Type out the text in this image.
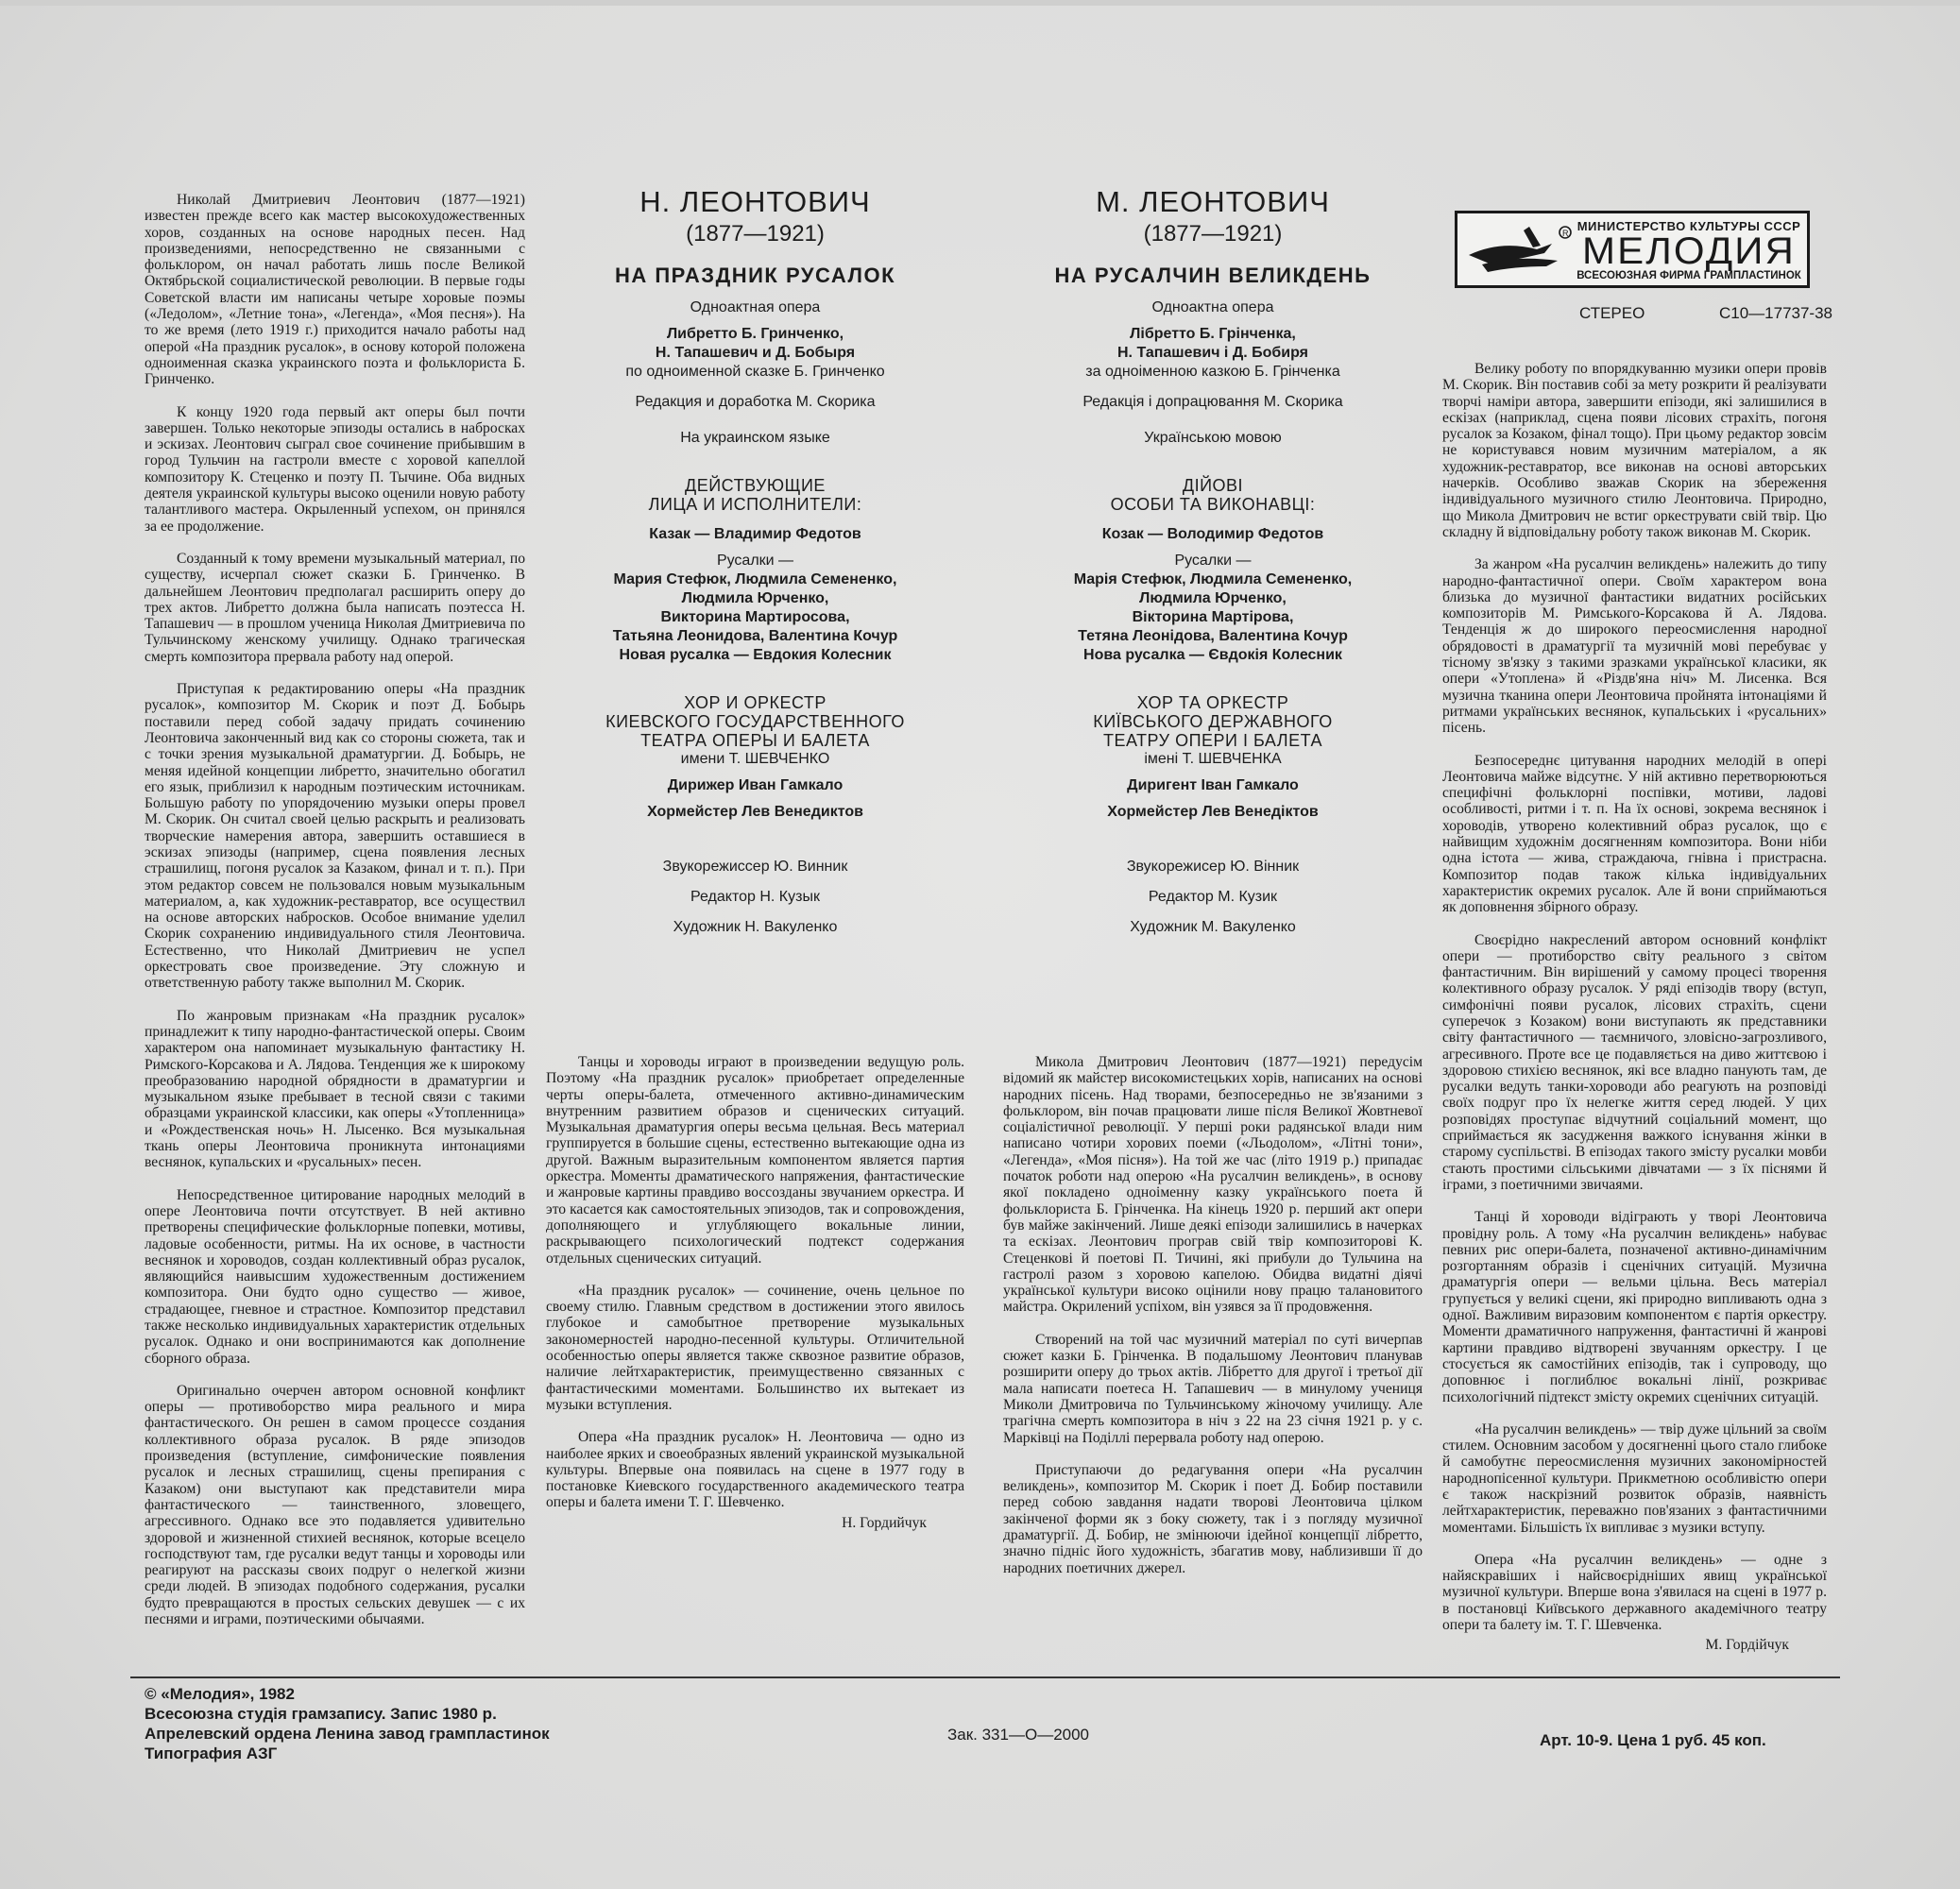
Николай Дмитриевич Леонтович (1877—1921) известен прежде всего как мастер высокохудожественных хоров, созданных на основе народных песен. Над произведениями, непосредственно не связанными с фольклором, он начал работать лишь после Великой Октябрьской социалистической революции. В первые годы Советской власти им написаны четыре хоровые поэмы («Ледолом», «Летние тона», «Легенда», «Моя песня»). На то же время (лето 1919 г.) приходится начало работы над оперой «На праздник русалок», в основу которой положена одноименная сказка украинского поэта и фольклориста Б. Гринченко.

К концу 1920 года первый акт оперы был почти завершен. Только некоторые эпизоды остались в набросках и эскизах. Леонтович сыграл свое сочинение прибывшим в город Тульчин на гастроли вместе с хоровой капеллой композитору К. Стеценко и поэту П. Тычине. Оба видных деятеля украинской культуры высоко оценили новую работу талантливого мастера. Окрыленный успехом, он принялся за ее продолжение.

Созданный к тому времени музыкальный материал, по существу, исчерпал сюжет сказки Б. Гринченко. В дальнейшем Леонтович предполагал расширить оперу до трех актов. Либретто должна была написать поэтесса Н. Тапашевич — в прошлом ученица Николая Дмитриевича по Тульчинскому женскому училищу. Однако трагическая смерть композитора прервала работу над оперой.

Приступая к редактированию оперы «На праздник русалок», композитор М. Скорик и поэт Д. Бобырь поставили перед собой задачу придать сочинению Леонтовича законченный вид как со стороны сюжета, так и с точки зрения музыкальной драматургии. Д. Бобырь, не меняя идейной концепции либретто, значительно обогатил его язык, приблизил к народным поэтическим источникам. Большую работу по упорядочению музыки оперы провел М. Скорик. Он считал своей целью раскрыть и реализовать творческие намерения автора, завершить оставшиеся в эскизах эпизоды (например, сцена появления лесных страшилищ, погоня русалок за Казаком, финал и т. п.). При этом редактор совсем не пользовался новым музыкальным материалом, а, как художник-реставратор, все осуществил на основе авторских набросков. Особое внимание уделил Скорик сохранению индивидуального стиля Леонтовича. Естественно, что Николай Дмитриевич не успел оркестровать свое произведение. Эту сложную и ответственную работу также выполнил М. Скорик.

По жанровым признакам «На праздник русалок» принадлежит к типу народно-фантастической оперы. Своим характером она напоминает музыкальную фантастику Н. Римского-Корсакова и А. Лядова. Тенденция же к широкому преобразованию народной обрядности в драматургии и музыкальном языке пребывает в тесной связи с такими образцами украинской классики, как оперы «Утопленница» и «Рождественская ночь» Н. Лысенко. Вся музыкальная ткань оперы Леонтовича проникнута интонациями веснянок, купальских и «русальных» песен.

Непосредственное цитирование народных мелодий в опере Леонтовича почти отсутствует. В ней активно претворены специфические фольклорные попевки, мотивы, ладовые особенности, ритмы. На их основе, в частности веснянок и хороводов, создан коллективный образ русалок, являющийся наивысшим художественным достижением композитора. Они будто одно существо — живое, страдающее, гневное и страстное. Композитор представил также несколько индивидуальных характеристик отдельных русалок. Однако и они воспринимаются как дополнение сборного образа.

Оригинально очерчен автором основной конфликт оперы — противоборство мира реального и мира фантастического. Он решен в самом процессе создания коллективного образа русалок. В ряде эпизодов произведения (вступление, симфонические появления русалок и лесных страшилищ, сцены препирания с Казаком) они выступают как представители мира фантастического — таинственного, зловещего, агрессивного. Однако все это подавляется удивительно здоровой и жизненной стихией веснянок, которые всецело господствуют там, где русалки ведут танцы и хороводы или реагируют на рассказы своих подруг о нелегкой жизни среди людей. В эпизодах подобного содержания, русалки будто превращаются в простых сельских девушек — с их песнями и играми, поэтическими обычаями.

Н. ЛЕОНТОВИЧ
(1877—1921)
НА ПРАЗДНИК РУСАЛОК
Одноактная опера
Либретто Б. Гринченко,
Н. Тапашевич и Д. Бобыря
по одноименной сказке Б. Гринченко
Редакция и доработка М. Скорика
На украинском языке
ДЕЙСТВУЮЩИЕ
ЛИЦА И ИСПОЛНИТЕЛИ:
Казак — Владимир Федотов
Русалки —
Мария Стефюк, Людмила Семененко,
Людмила Юрченко,
Викторина Мартиросова,
Татьяна Леонидова, Валентина Кочур
Новая русалка — Евдокия Колесник
ХОР И ОРКЕСТР
КИЕВСКОГО ГОСУДАРСТВЕННОГО
ТЕАТРА ОПЕРЫ И БАЛЕТА
имени Т. ШЕВЧЕНКО
Дирижер Иван Гамкало
Хормейстер Лев Венедиктов
Звукорежиссер Ю. Винник
Редактор Н. Кузык
Художник Н. Вакуленко
М. ЛЕОНТОВИЧ
(1877—1921)
НА РУСАЛЧИН ВЕЛИКДЕНЬ
Одноактна опера
Лібретто Б. Грінченка,
Н. Тапашевич і Д. Бобиря
за одноіменною казкою Б. Грінченка
Редакція і допрацювання М. Скорика
Українською мовою
ДІЙОВІ
ОСОБИ ТА ВИКОНАВЦІ:
Козак — Володимир Федотов
Русалки —
Марія Стефюк, Людмила Семененко,
Людмила Юрченко,
Вікторина Мартірова,
Тетяна Леонідова, Валентина Кочур
Нова русалка — Євдокія Колесник
ХОР ТА ОРКЕСТР
КИЇВСЬКОГО ДЕРЖАВНОГО
ТЕАТРУ ОПЕРИ І БАЛЕТА
імені Т. ШЕВЧЕНКА
Диригент Іван Гамкало
Хормейстер Лев Венедіктов
Звукорежисер Ю. Вінник
Редактор М. Кузик
Художник М. Вакуленко
R МИНИСТЕРСТВО КУЛЬТУРЫ СССР
МЕЛОДИЯ
ВСЕСОЮЗНАЯ ФИРМА ГРАМПЛАСТИНОК
СТЕРЕО	С10—17737-38

Велику роботу по впорядкуванню музики опери провів М. Скорик. Він поставив собі за мету розкрити й реалізувати творчі наміри автора, завершити епізоди, які залишилися в ескізах (наприклад, сцена появи лісових страхіть, погоня русалок за Козаком, фінал тощо). При цьому редактор зовсім не користувався новим музичним матеріалом, а як художник-реставратор, все виконав на основі авторських начерків. Особливо зважав Скорик на збереження індивідуального музичного стилю Леонтовича. Природно, що Микола Дмитрович не встиг оркеструвати свій твір. Цю складну й відповідальну роботу також виконав М. Скорик.

За жанром «На русалчин великдень» належить до типу народно-фантастичної опери. Своїм характером вона близька до музичної фантастики видатних російських композиторів М. Римського-Корсакова й А. Лядова. Тенденція ж до широкого переосмислення народної обрядовості в драматургії та музичній мові перебуває у тісному зв'язку з такими зразками української класики, як опери «Утоплена» й «Різдв'яна ніч» М. Лисенка. Вся музична тканина опери Леонтовича пройнята інтонаціями й ритмами українських веснянок, купальських і «русальних» пісень.

Безпосереднє цитування народних мелодій в опері Леонтовича майже відсутнє. У ній активно перетворюються специфічні фольклорні поспівки, мотиви, ладові особливості, ритми і т. п. На їх основі, зокрема веснянок і хороводів, утворено колективний образ русалок, що є найвищим художнім досягненням композитора. Вони ніби одна істота — жива, страждаюча, гнівна і пристрасна. Композитор подав також кілька індивідуальних характеристик окремих русалок. Але й вони сприймаються як доповнення збірного образу.

Своєрідно накреслений автором основний конфлікт опери — протиборство світу реального з світом фантастичним. Він вирішений у самому процесі творення колективного образу русалок. У ряді епізодів твору (вступ, симфонічні появи русалок, лісових страхіть, сцени суперечок з Козаком) вони виступають як представники світу фантастичного — таємничого, зловісно-загрозливого, агресивного. Проте все це подавляється на диво життєвою і здоровою стихією веснянок, які все владно панують там, де русалки ведуть танки-хороводи або реагують на розповіді своїх подруг про їх нелегке життя серед людей. У цих розповідях проступає відчутний соціальний момент, що сприймається як засудження важкого існування жінки в старому суспільстві. В епізодах такого змісту русалки мовби стають простими сільськими дівчатами — з їх піснями й іграми, з поетичними звичаями.

Танці й хороводи відіграють у творі Леонтовича провідну роль. А тому «На русалчин великдень» набуває певних рис опери-балета, позначеної активно-динамічним розгортанням образів і сценічних ситуацій. Музична драматургія опери — вельми цільна. Весь матеріал групується у великі сцени, які природно випливають одна з одної. Важливим виразовим компонентом є партія оркестру. Моменти драматичного напруження, фантастичні й жанрові картини правдиво відтворені звучанням оркестру. І це стосується як самостійних епізодів, так і супроводу, що доповнює і поглиблює вокальні лінії, розкриває психологічний підтекст змісту окремих сценічних ситуацій.

«На русалчин великдень» — твір дуже цільний за своїм стилем. Основним засобом у досягненні цього стало глибоке й самобутнє переосмислення музичних закономірностей народнопісенної культури. Прикметною особливістю опери є також наскрізний розвиток образів, наявність лейтхарактеристик, переважно пов'язаних з фантастичними моментами. Більшість їх випливає з музики вступу.

Опера «На русалчин великдень» — одне з найяскравіших і найсвоєрідніших явищ української музичної культури. Вперше вона з'явилася на сцені в 1977 р. в постановці Київського державного академічного театру опери та балету ім. Т. Г. Шевченка.

М. Гордійчук

Танцы и хороводы играют в произведении ведущую роль. Поэтому «На праздник русалок» приобретает определенные черты оперы-балета, отмеченного активно-динамическим внутренним развитием образов и сценических ситуаций. Музыкальная драматургия оперы весьма цельная. Весь материал группируется в большие сцены, естественно вытекающие одна из другой. Важным выразительным компонентом является партия оркестра. Моменты драматического напряжения, фантастические и жанровые картины правдиво воссозданы звучанием оркестра. И это касается как самостоятельных эпизодов, так и сопровождения, дополняющего и углубляющего вокальные линии, раскрывающего психологический подтекст содержания отдельных сценических ситуаций.

«На праздник русалок» — сочинение, очень цельное по своему стилю. Главным средством в достижении этого явилось глубокое и самобытное претворение музыкальных закономерностей народно-песенной культуры. Отличительной особенностью оперы является также сквозное развитие образов, наличие лейтхарактеристик, преимущественно связанных с фантастическими моментами. Большинство их вытекает из музыки вступления.

Опера «На праздник русалок» Н. Леонтовича — одно из наиболее ярких и своеобразных явлений украинской музыкальной культуры. Впервые она появилась на сцене в 1977 году в постановке Киевского государственного академического театра оперы и балета имени Т. Г. Шевченко.

Н. Гордийчук

Микола Дмитрович Леонтович (1877—1921) передусім відомий як майстер високомистецьких хорів, написаних на основі народних пісень. Над творами, безпосередньо не зв'язаними з фольклором, він почав працювати лише після Великої Жовтневої соціалістичної революції. У перші роки радянської влади ним написано чотири хорових поеми («Льодолом», «Літні тони», «Легенда», «Моя пісня»). На той же час (літо 1919 р.) припадає початок роботи над оперою «На русалчин великдень», в основу якої покладено одноіменну казку українського поета й фольклориста Б. Грінченка. На кінець 1920 р. перший акт опери був майже закінчений. Лише деякі епізоди залишились в начерках та ескізах. Леонтович програв свій твір композиторові К. Стеценкові й поетові П. Тичині, які прибули до Тульчина на гастролі разом з хоровою капелою. Обидва видатні діячі української культури високо оцінили нову працю талановитого майстра. Окрилений успіхом, він узявся за її продовження.

Створений на той час музичний матеріал по суті вичерпав сюжет казки Б. Грінченка. В подальшому Леонтович планував розширити оперу до трьох актів. Лібретто для другої і третьої дії мала написати поетеса Н. Тапашевич — в минулому учениця Миколи Дмитровича по Тульчинському жіночому училищу. Але трагічна смерть композитора в ніч з 22 на 23 січня 1921 р. у с. Марківці на Поділлі перервала роботу над оперою.

Приступаючи до редагування опери «На русалчин великдень», композитор М. Скорик і поет Д. Бобир поставили перед собою завдання надати творові Леонтовича цілком закінченої форми як з боку сюжету, так і з погляду музичної драматургії. Д. Бобир, не змінюючи ідейної концепції лібретто, значно підніс його художність, збагатив мову, наблизивши її до народних поетичних джерел.

© «Мелодия», 1982
Всесоюзна студія грамзапису. Запис 1980 р.
Апрелевский ордена Ленина завод грампластинок
Типография АЗГ
Зак. 331—О—2000	Арт. 10-9. Цена 1 руб. 45 коп.
